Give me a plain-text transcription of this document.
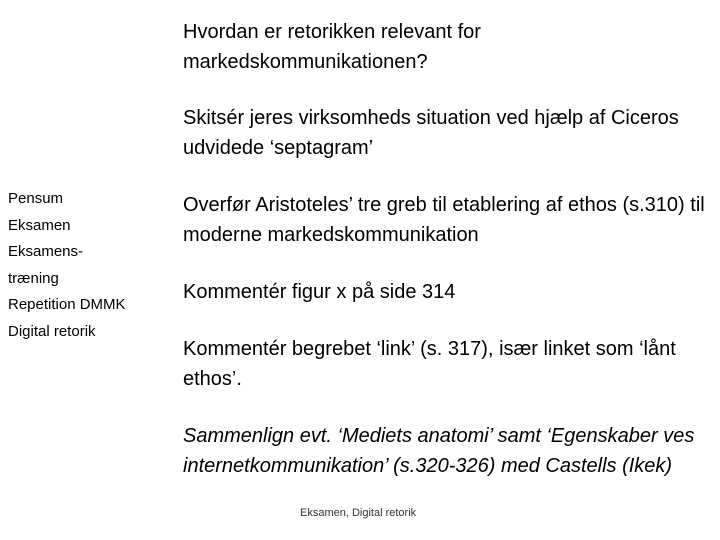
Pensum
Eksamen
Eksamens-
træning
Repetition DMMK
Digital retorik

Hvordan er retorikken relevant for markedskommunikationen?

Skitsér jeres virksomheds situation ved hjælp af Ciceros udvidede ‘septagram’

Overfør Aristoteles’ tre greb til etablering af ethos (s.310) til moderne markedskommunikation

Kommentér figur x på side 314

Kommentér begrebet ‘link’ (s. 317), især linket som ‘lånt ethos’.

Sammenlign evt. ‘Mediets anatomi’ samt ‘Egenskaber ves internetkommunikation’ (s.320-326) med Castells (Ikek)

Eksamen, Digital retorik
